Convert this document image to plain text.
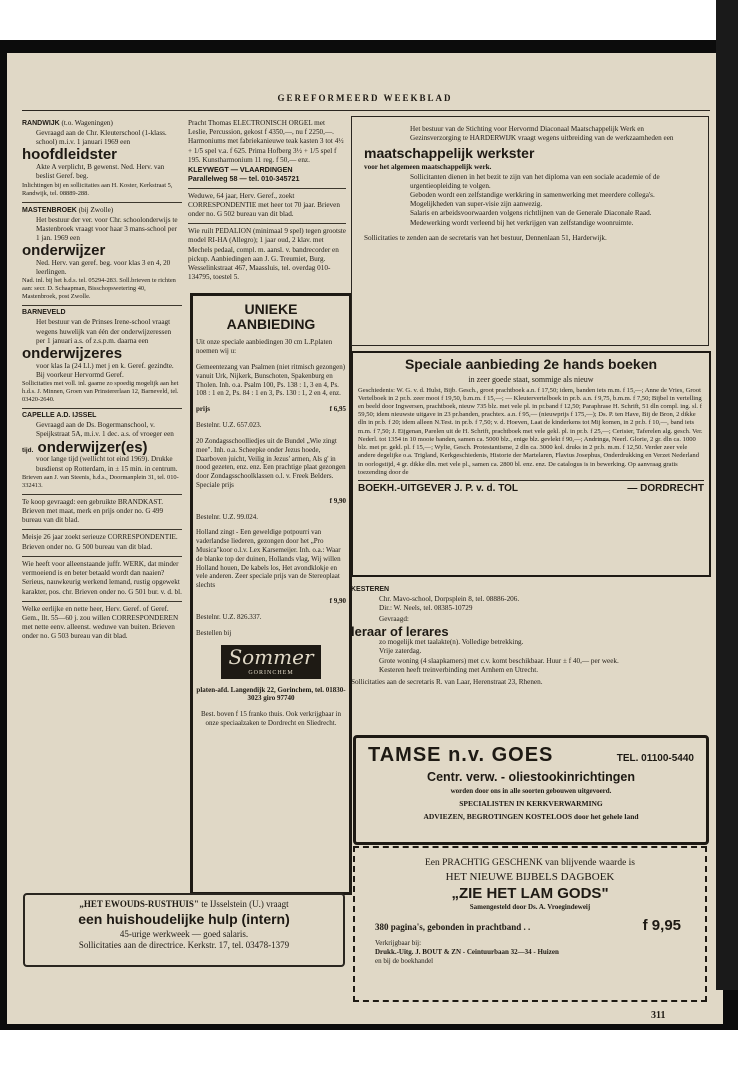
GEREFORMEERD WEEKBLAD

RANDWIJK (t.o. Wageningen)

Gevraagd aan de Chr. Kleuterschool (1-klass. school) m.i.v. 1 januari 1969 een

hoofdleidster

Akte A verplicht, B gewenst. Ned. Herv. van beslist Geref. beg.

Inlichtingen bij en sollicitaties aan H. Koster, Kerkstraat 5, Randwijk, tel. 08889-288.

MASTENBROEK (bij Zwolle)

Het bestuur der ver. voor Chr. schoolonderwijs te Mastenbroek vraagt voor haar 3 mans-school per 1 jan. 1969 een

onderwijzer

Ned. Herv. van geref. beg. voor klas 3 en 4, 20 leerlingen.

Nad. inl. bij het h.d.s. tel. 05294-283. Soll.brieven te richten aan: secr. D. Schaapman, Bisschopswetering 40, Mastenbroek, post Zwolle.

BARNEVELD

Het bestuur van de Prinses Irene-school vraagt wegens huwelijk van één der onderwijzeressen per 1 januari a.s. of z.s.p.m. daarna een

onderwijzeres

voor klas Ia (24 Ll.) met j en k. Geref. gezindte. Bij voorkeur Hervormd Geref.

Sollicitaties met voll. inl. gaarne zo spoedig mogelijk aan het h.d.s. J. Minnen, Groen van Prinstererlaan 12, Barneveld, tel. 03420-2640.

CAPELLE A.D. IJSSEL

Gevraagd aan de Ds. Bogermanschool, v. Speijkstraat 5A, m.i.v. 1 dec. a.s. of vroeger een

tijd. onderwijzer(es)

voor lange tijd (wellicht tot eind 1969). Drukke busdienst op Rotterdam, in ± 15 min. in centrum.

Brieven aan J. van Steenis, h.d.s., Doormanplein 31, tel. 010-332413.

Te koop gevraagd: een gebruikte BRANDKAST. Brieven met maat, merk en prijs onder no. G 499 bureau van dit blad.

Meisje 26 jaar zoekt serieuze CORRESPONDENTIE. Brieven onder no. G 500 bureau van dit blad.

Wie heeft voor alleenstaande juffr. WERK, dat minder vermoeiend is en beter betaald wordt dan naaien? Serieus, nauwkeurig werkend lemand, rustig opgewekt karakter, pos. chr. Brieven onder no. G 501 bur. v. d. bl.

Welke eerlijke en nette heer, Herv. Geref. of Geref. Gem., llt. 55—60 j. zou willen CORRESPONDEREN met nette eenv. alleenst. weduwe van buiten. Brieven onder no. G 503 bureau van dit blad.

Pracht Thomas ELECTRONISCH ORGEL met Leslie, Percussion, gekost f 4350,—, nu f 2250,—. Harmoniums met fabriekanieuwe teak kasten 3 tot 4½ + 1/5 spel v.a. f 625. Prima Hofberg 3½ + 1/5 spel f 195. Kunstharmonium 11 reg. f 50,— enz.

KLEYWEGT — VLAARDINGEN

Parallelweg 58 — tel. 010-345721

Weduwe, 64 jaar, Herv. Geref., zoekt CORRESPONDENTIE met heer tot 70 jaar. Brieven onder no. G 502 bureau van dit blad.

Wie ruilt PEDALION (minimaal 9 spel) tegen grootste model RI-HA (Allegro); 1 jaar oud, 2 klav. met Mechels pedaal, compl. m. aansl. v. bandrecorder en pickup. Aanbiedingen aan J. G. Treumiet, Burg. Wesselinkstraat 467, Maassluis, tel. overdag 010-134795, toestel 5.

UNIEKE

AANBIEDING

Uit onze speciale aanbiedingen 30 cm L.P.platen noemen wij u:

Gemeentezang van Psalmen (niet ritmisch gezongen) vanuit Urk, Nijkerk, Bunschoten, Spakenburg en Tholen. Inh. o.a. Psalm 100, Ps. 138 : 1, 3 en 4, Ps. 108 : 1 en 2, Ps. 84 : 1 en 3, Ps. 130 : 1, 2 en 4, enz.

prijs	f 6,95

Bestelnr. U.Z. 657.023.

20 Zondagsschoolliedjes uit de Bundel „Wie zingt mee". Inh. o.a. Scheepke onder Jezus hoede, Daarboven juicht, Veilig in Jezus' armen, Als g' in nood gezeten, enz. enz. Een prachtige plaat gezongen door Zondagsschoolklassen o.l. v. Freek Belders. Speciale prijs

f 9,90

Bestelnr. U.Z. 99.024.

Holland zingt - Een geweldige potpourri van vaderlandse liederen, gezongen door het „Pro Musica"koor o.l.v. Lex Karsemeijer. Inh. o.a.: Waar de blanke top der duinen, Hollands vlag, Wij willen Holland houen, De kabels los, Het avondklokje en vele anderen. Zeer speciale prijs van de Stereoplaat slechts

f 9,90

Bestelnr. U.Z. 826.337.

Bestellen bij

Sommer
GORINCHEM

platen-afd. Langendijk 22, Gorinchem, tel. 01830-3023 giro 97740

Best. boven f 15 franko thuis. Ook verkrijgbaar in onze speciaalzaken te Dordrecht en Sliedrecht.

„HET EWOUDS-RUSTHUIS" te IJsselstein (U.) vraagt

een huishoudelijke hulp (intern)

45-urige werkweek — goed salaris.

Sollicitaties aan de directrice. Kerkstr. 17, tel. 03478-1379

Het bestuur van de Stichting voor Hervormd Diaconaal Maatschappelijk Werk en Gezinsverzorging te HARDERWIJK vraagt wegens uitbreiding van de werkzaamheden een

maatschappelijk werkster

voor het algemeen maatschappelijk werk.

Sollicitanten dienen in het bezit te zijn van het diploma van een sociale academie of de urgentieopleiding te volgen.

Geboden wordt een zelfstandige werkkring in samenwerking met meerdere collega's.

Mogelijkheden van super-visie zijn aanwezig.

Salaris en arbeidsvoorwaarden volgens richtlijnen van de Generale Diaconale Raad.

Medewerking wordt verleend bij het verkrijgen van zelfstandige woonruimte.

Sollicitaties te zenden aan de secretaris van het bestuur, Dennenlaan 51, Harderwijk.

Speciale aanbieding 2e hands boeken

in zeer goede staat, sommige als nieuw

Geschiedenis: W. G. v. d. Hulst, Bijb. Gesch., groot prachtboek a.n. f 17,50; idem, banden iets m.m. f 15,—; Anne de Vries, Groot Vertelboek in 2 pr.b. zeer mooi f 19,50, b.m.m. f 15,—; — Kleutervertelboek in pr.b. a.n. f 9,75, b.m.m. f 7,50; Bijbel in vertelling en beeld door Ingwersen, prachtboek, nieuw 735 blz. met vele pl. in pr.band f 12,50; Paraphrase H. Schrift, 51 dln compl. ing. sl. f 59,50; idem nieuwste uitgave in 23 pr.banden, prachtex. a.n. f 95,— (nieuwprijs f 175,—); Ds. P. ten Have, Bij de Bron, 2 dikke dln in pr.b. f 20; idem alleen N.Test. in pr.b. f 7,50; v. d. Hoeven, Laat de kinderkens tot Mij komen, in 2 pr.b. f 10,—, band iets m.m. f 7,50; J. Eijgenan, Parelen uit de H. Schrift, prachtboek met vele gekl. pl. in pr.b. f 25,—; Cerisier, Taferelen alg. gesch. Ver. Nederl. tot 1354 in 10 mooie banden, samen ca. 5000 blz., enige blz. gevlekt f 90,—; Andringa, Neerl. Glorie, 2 gr. dln ca. 1000 blz. met pr. gekl. pl. f 15,—; Wylie, Gesch. Protestantisme, 2 dln ca. 3000 kol. druks in 2 pr.b. m.m. f 12,50. Verder zeer vele andere degelijke o.a. Trigland, Kerkgeschiedenis, Historie der Martelaren, Flavius Josephus, Onderdrukking en Verzet Nederland in oorlogstijd, 4 gr. dikke dln. met vele pl., samen ca. 2800 bl. enz. enz. De catalogus is in bewerking. Op aanvraag gratis toezending door de

BOEKH.-UITGEVER J. P. v. d. TOL	— DORDRECHT

KESTEREN

Chr. Mavo-school, Dorpsplein 8, tel. 08886-206.

Dir.: W. Neels, tel. 08385-10729

Gevraagd:

leraar of lerares

zo mogelijk met taalakte(n). Volledige betrekking.

Vrije zaterdag.

Grote woning (4 slaapkamers) met c.v. komt beschikbaar. Huur ± f 40,— per week.

Kesteren heeft treinverbinding met Arnhem en Utrecht.

Sollicitaties aan de secretaris R. van Laar, Herenstraat 23, Rhenen.

TAMSE n.v. GOES	TEL. 01100-5440

Centr. verw. - oliestookinrichtingen

worden door ons in alle soorten gebouwen uitgevoerd.

SPECIALISTEN IN KERKVERWARMING

ADVIEZEN, BEGROTINGEN KOSTELOOS door het gehele land

Een PRACHTIG GESCHENK van blijvende waarde is

HET NIEUWE BIJBELS DAGBOEK

„ZIE HET LAM GODS"

Samengesteld door Ds. A. Vroegindeweij

380 pagina's, gebonden in prachtband . .	f 9,95

Verkrijgbaar bij:

Drukk.-Uitg. J. BOUT & ZN - Ceintuurbaan 32—34 - Huizen

en bij de boekhandel

311
